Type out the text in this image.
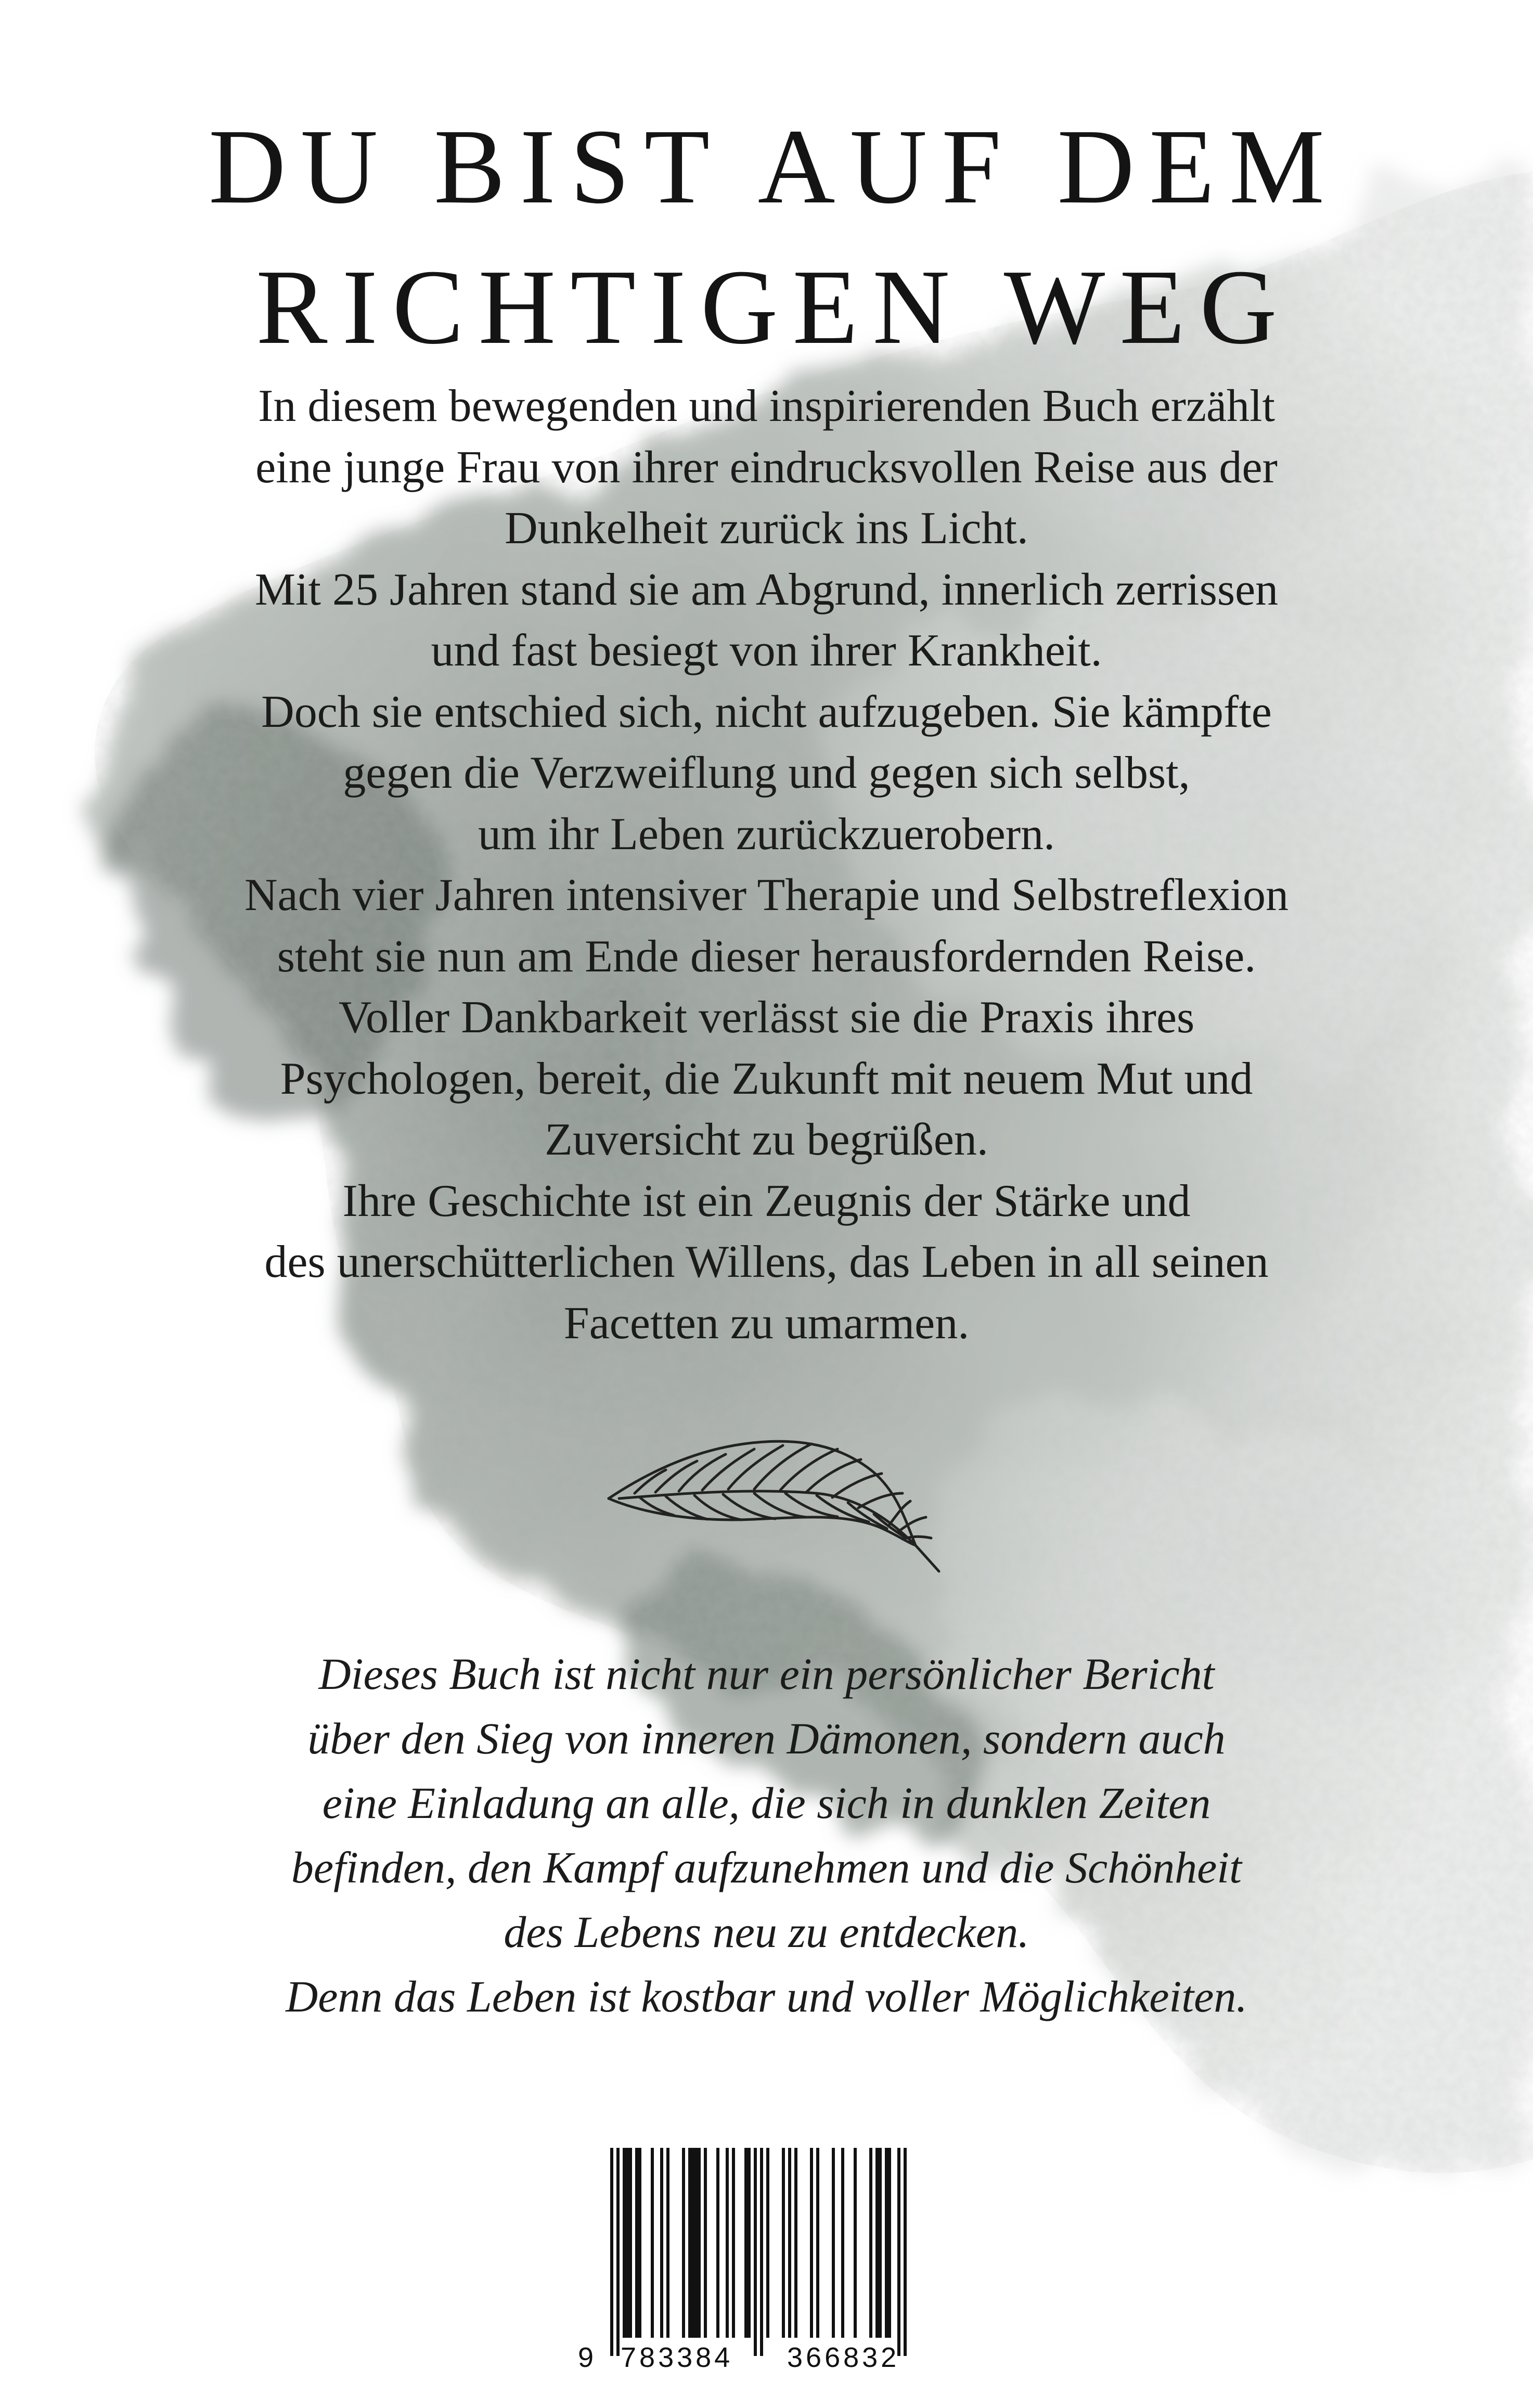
DU BIST AUF DEM
RICHTIGEN WEG
In diesem bewegenden und inspirierenden Buch erzählt
eine junge Frau von ihrer eindrucksvollen Reise aus der
Dunkelheit zurück ins Licht.
Mit 25 Jahren stand sie am Abgrund, innerlich zerrissen
und fast besiegt von ihrer Krankheit.
Doch sie entschied sich, nicht aufzugeben. Sie kämpfte
gegen die Verzweiflung und gegen sich selbst,
um ihr Leben zurückzuerobern.
Nach vier Jahren intensiver Therapie und Selbstreflexion
steht sie nun am Ende dieser herausfordernden Reise.
Voller Dankbarkeit verlässt sie die Praxis ihres
Psychologen, bereit, die Zukunft mit neuem Mut und
Zuversicht zu begrüßen.
Ihre Geschichte ist ein Zeugnis der Stärke und
des unerschütterlichen Willens, das Leben in all seinen
Facetten zu umarmen.
Dieses Buch ist nicht nur ein persönlicher Bericht
über den Sieg von inneren Dämonen, sondern auch
eine Einladung an alle, die sich in dunklen Zeiten
befinden, den Kampf aufzunehmen und die Schönheit
des Lebens neu zu entdecken.
Denn das Leben ist kostbar und voller Möglichkeiten.
9 783384 366832
